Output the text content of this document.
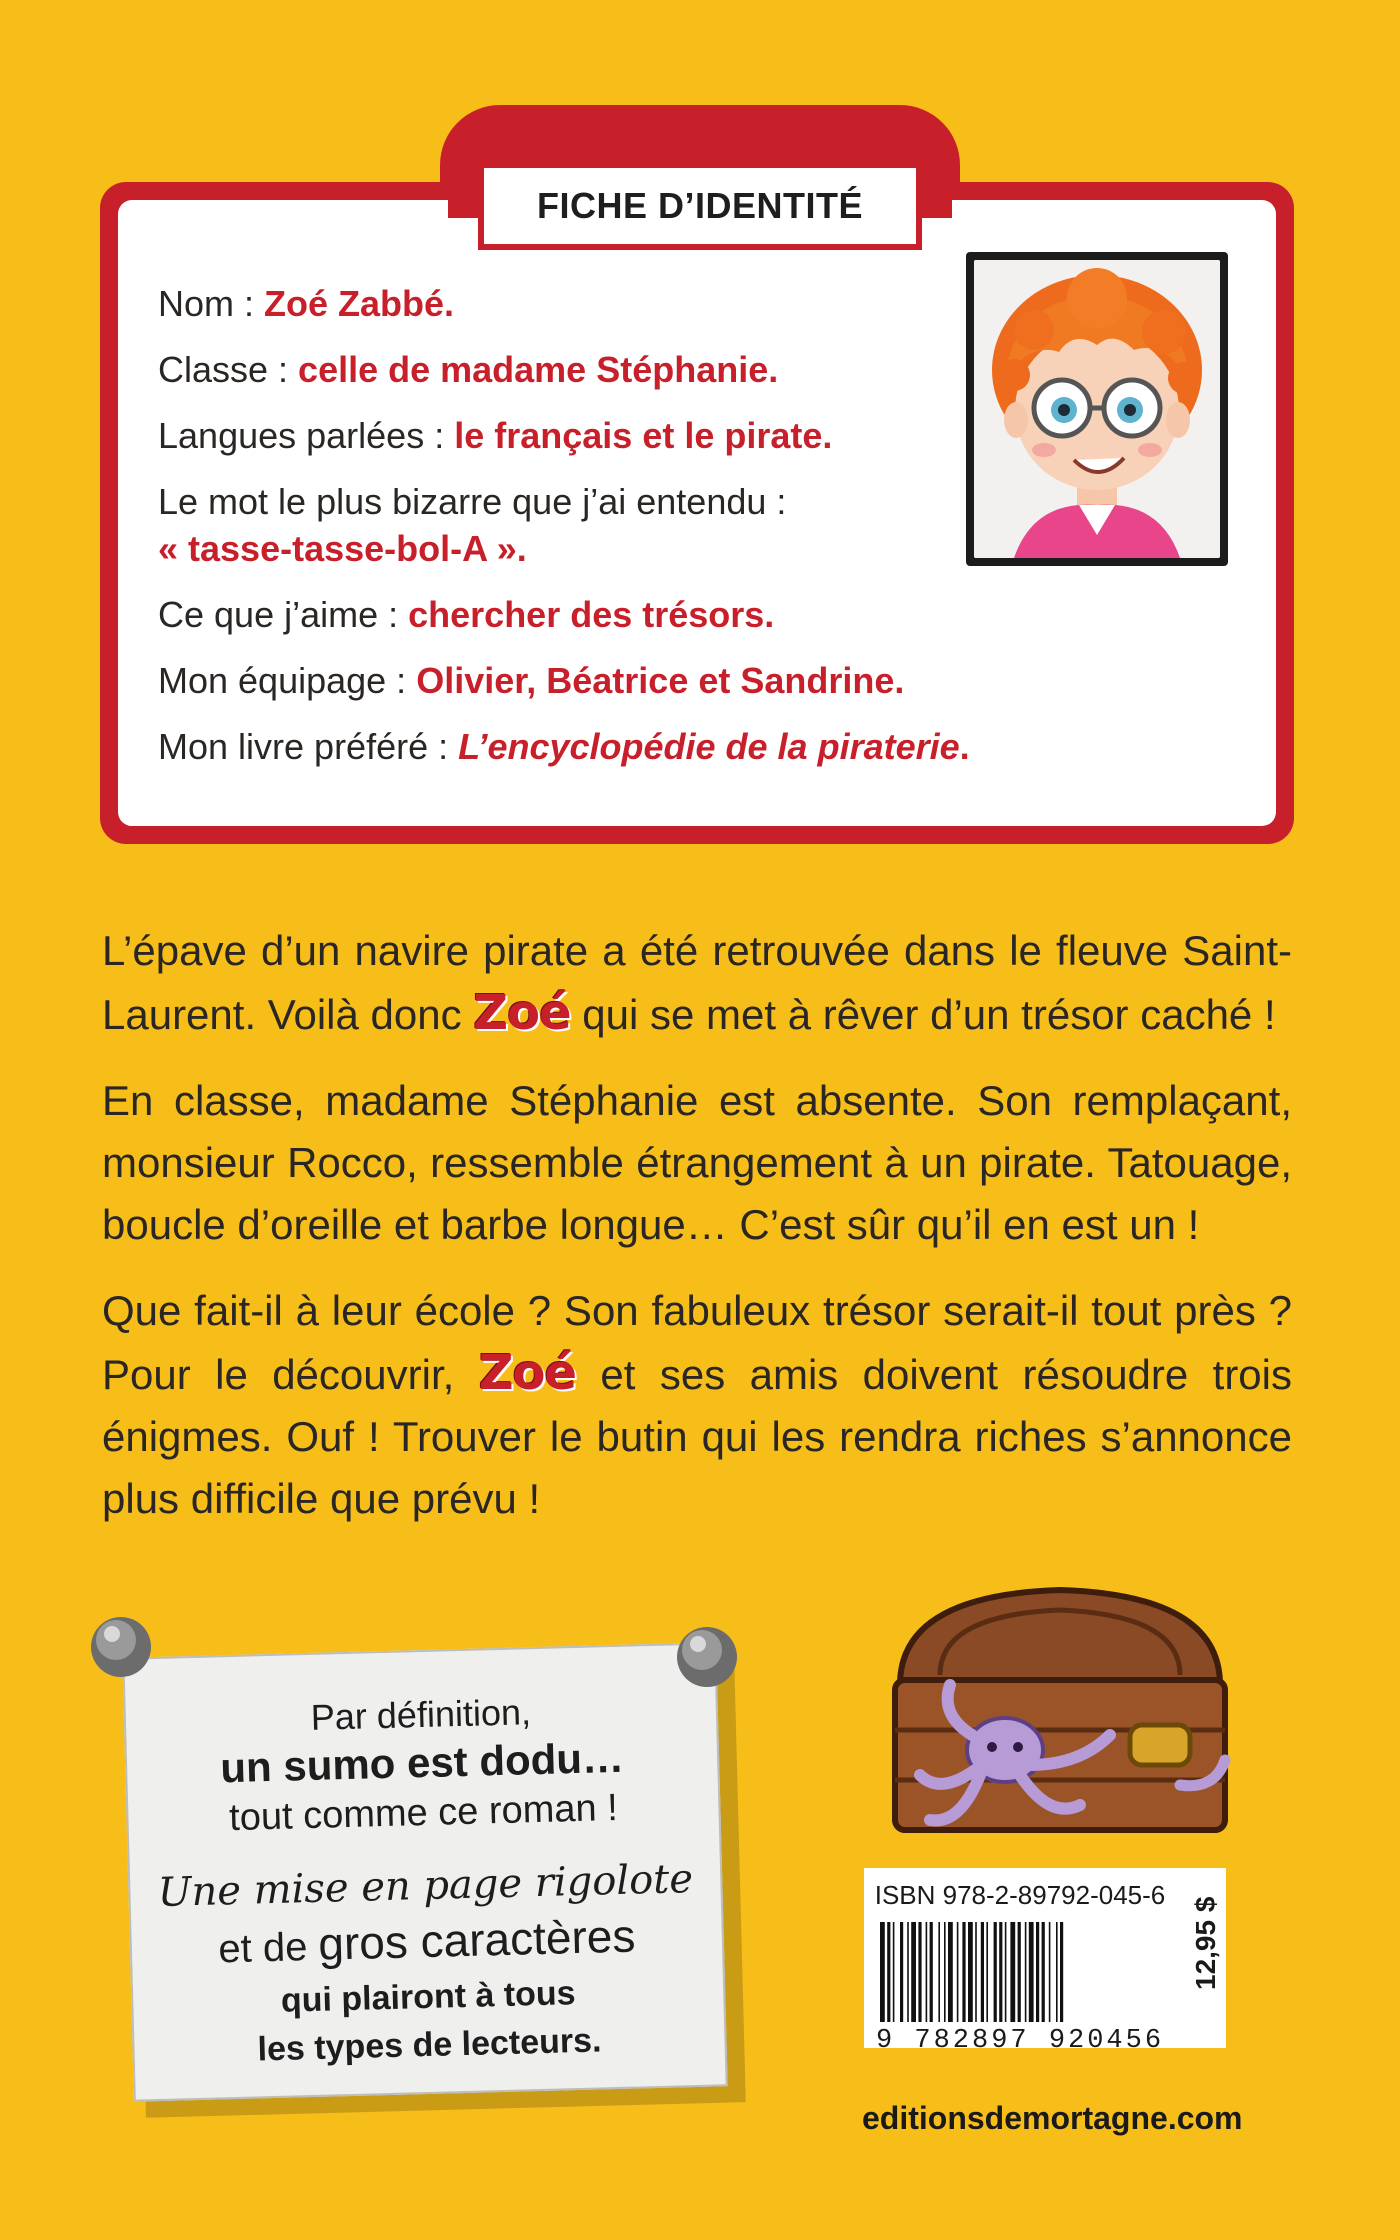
FICHE D’IDENTITÉ
Nom : Zoé Zabbé.
Classe : celle de madame Stéphanie.
Langues parlées : le français et le pirate.
Le mot le plus bizarre que j’ai entendu :
« tasse-tasse-bol-A ».
Ce que j’aime : chercher des trésors.
Mon équipage : Olivier, Béatrice et Sandrine.
Mon livre préféré : L’encyclopédie de la piraterie.

L’épave d’un navire pirate a été retrouvée dans le fleuve Saint-Laurent. Voilà donc Zoé qui se met à rêver d’un trésor caché !

En classe, madame Stéphanie est absente. Son remplaçant, monsieur Rocco, ressemble étrangement à un pirate. Tatouage, boucle d’oreille et barbe longue… C’est sûr qu’il en est un !

Que fait-il à leur école ? Son fabuleux trésor serait-il tout près ? Pour le découvrir, Zoé et ses amis doivent résoudre trois énigmes. Ouf ! Trouver le butin qui les rendra riches s’annonce plus difficile que prévu !

Par définition,
un sumo est dodu…
tout comme ce roman !
Une mise en page rigolote
et de gros caractères
qui plairont à tous
les types de lecteurs.
ISBN 978-2-89792-045-6
9 782897 920456
12,95 $
editionsdemortagne.com
